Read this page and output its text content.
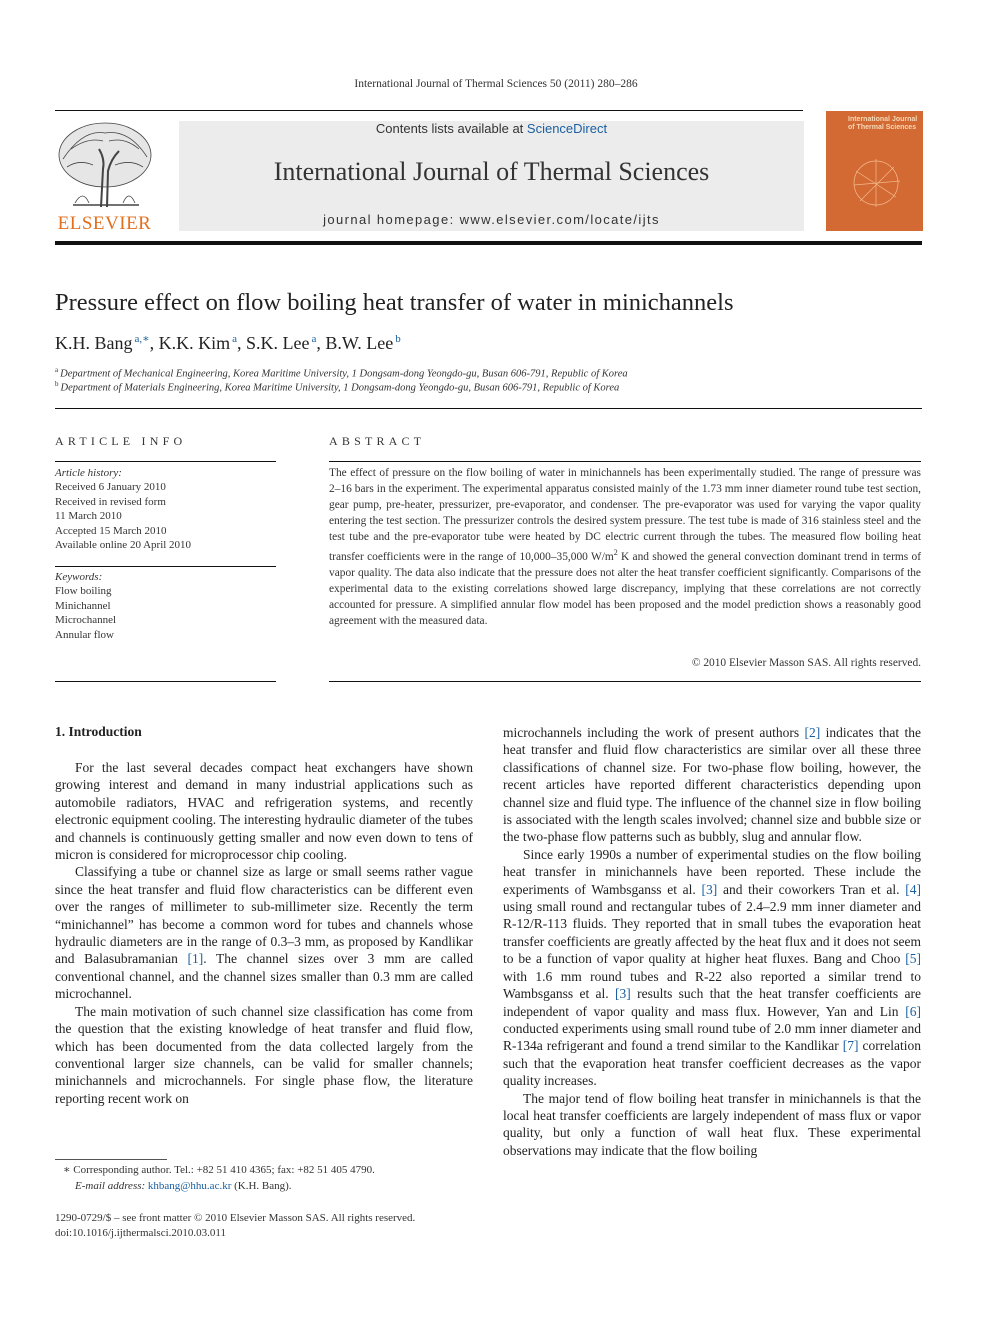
International Journal of Thermal Sciences 50 (2011) 280–286
ELSEVIER
Contents lists available at ScienceDirect
International Journal of Thermal Sciences
journal homepage: www.elsevier.com/locate/ijts
International Journal of Thermal Sciences
Pressure effect on flow boiling heat transfer of water in minichannels
K.H. Bang $^{a,∗}$, K.K. Kim $^a$, S.K. Lee $^a$, B.W. Lee $^b$
$^a$ Department of Mechanical Engineering, Korea Maritime University, 1 Dongsam-dong Yeongdo-gu, Busan 606-791, Republic of Korea
$^b$ Department of Materials Engineering, Korea Maritime University, 1 Dongsam-dong Yeongdo-gu, Busan 606-791, Republic of Korea
ARTICLE INFO
Article history:
Received 6 January 2010
Received in revised form
11 March 2010
Accepted 15 March 2010
Available online 20 April 2010
Keywords:
Flow boiling
Minichannel
Microchannel
Annular flow
ABSTRACT
The effect of pressure on the flow boiling of water in minichannels has been experimentally studied. The range of pressure was 2–16 bars in the experiment. The experimental apparatus consisted mainly of the 1.73 mm inner diameter round tube test section, gear pump, pre-heater, pressurizer, pre-evaporator, and condenser. The pre-evaporator was used for varying the vapor quality entering the test section. The pressurizer controls the desired system pressure. The test tube is made of 316 stainless steel and the test tube and the pre-evaporator tube were heated by DC electric current through the tubes. The measured flow boiling heat transfer coefficients were in the range of 10,000–35,000 $W/m^2$ K and showed the general convection dominant trend in terms of vapor quality. The data also indicate that the pressure does not alter the heat transfer coefficient significantly. Comparisons of the experimental data to the existing correlations showed large discrepancy, implying that these correlations are not correctly accounted for pressure. A simplified annular flow model has been proposed and the model prediction shows a reasonably good agreement with the measured data.
© 2010 Elsevier Masson SAS. All rights reserved.
1. Introduction

For the last several decades compact heat exchangers have shown growing interest and demand in many industrial applications such as automobile radiators, HVAC and refrigeration systems, and recently electronic equipment cooling. The interesting hydraulic diameter of the tubes and channels is continuously getting smaller and now even down to tens of micron is considered for microprocessor chip cooling.

Classifying a tube or channel size as large or small seems rather vague since the heat transfer and fluid flow characteristics can be different even over the ranges of millimeter to sub-millimeter size. Recently the term “minichannel” has become a common word for tubes and channels whose hydraulic diameters are in the range of 0.3–3 mm, as proposed by Kandlikar and Balasubramanian [1]. The channel sizes over 3 mm are called conventional channel, and the channel sizes smaller than 0.3 mm are called microchannel.

The main motivation of such channel size classification has come from the question that the existing knowledge of heat transfer and fluid flow, which has been documented from the data collected largely from the conventional larger size channels, can be valid for smaller channels; minichannels and microchannels. For single phase flow, the literature reporting recent work on

microchannels including the work of present authors [2] indicates that the heat transfer and fluid flow characteristics are similar over all these three classifications of channel size. For two-phase flow boiling, however, the recent articles have reported different characteristics depending upon channel size and fluid type. The influence of the channel size in flow boiling is associated with the length scales involved; channel size and bubble size or the two-phase flow patterns such as bubbly, slug and annular flow.

Since early 1990s a number of experimental studies on the flow boiling heat transfer in minichannels have been reported. These include the experiments of Wambsganss et al. [3] and their coworkers Tran et al. [4] using small round and rectangular tubes of 2.4–2.9 mm inner diameter and R-12/R-113 fluids. They reported that in small tubes the evaporation heat transfer coefficients are greatly affected by the heat flux and it does not seem to be a function of vapor quality at higher heat fluxes. Bang and Choo [5] with 1.6 mm round tubes and R-22 also reported a similar trend to Wambsganss et al. [3] results such that the heat transfer coefficients are independent of vapor quality and mass flux. However, Yan and Lin [6] conducted experiments using small round tube of 2.0 mm inner diameter and R-134a refrigerant and found a trend similar to the Kandlikar [7] correlation such that the evaporation heat transfer coefficient decreases as the vapor quality increases.

The major tend of flow boiling heat transfer in minichannels is that the local heat transfer coefficients are largely independent of mass flux or vapor quality, but only a function of wall heat flux. These experimental observations may indicate that the flow boiling

∗ Corresponding author. Tel.: +82 51 410 4365; fax: +82 51 405 4790.
E-mail address: khbang@hhu.ac.kr (K.H. Bang).
1290-0729/$ – see front matter © 2010 Elsevier Masson SAS. All rights reserved.
doi:10.1016/j.ijthermalsci.2010.03.011
